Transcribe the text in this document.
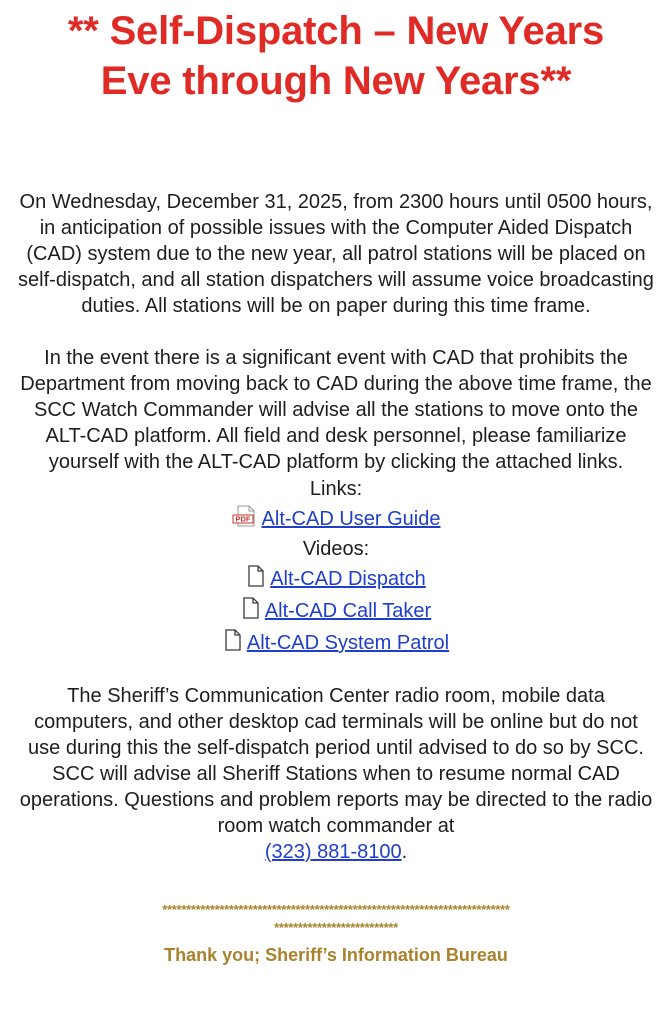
** Self-Dispatch – New Years
Eve through New Years**

On Wednesday, December 31, 2025, from 2300 hours until 0500 hours, in anticipation of possible issues with the Computer Aided Dispatch (CAD) system due to the new year, all patrol stations will be placed on self-dispatch, and all station dispatchers will assume voice broadcasting duties. All stations will be on paper during this time frame.

In the event there is a significant event with CAD that prohibits the Department from moving back to CAD during the above time frame, the SCC Watch Commander will advise all the stations to move onto the ALT-CAD platform. All field and desk personnel, please familiarize yourself with the ALT-CAD platform by clicking the attached links.

Links:
PDF Alt-CAD User Guide
Videos:
Alt-CAD Dispatch
Alt-CAD Call Taker
Alt-CAD System Patrol

The Sheriff’s Communication Center radio room, mobile data computers, and other desktop cad terminals will be online but do not use during this the self-dispatch period until advised to do so by SCC. SCC will advise all Sheriff Stations when to resume normal CAD operations. Questions and problem reports may be directed to the radio room watch commander at

(323) 881-8100.
*************************************************************************
**************************
Thank you; Sheriff’s Information Bureau
